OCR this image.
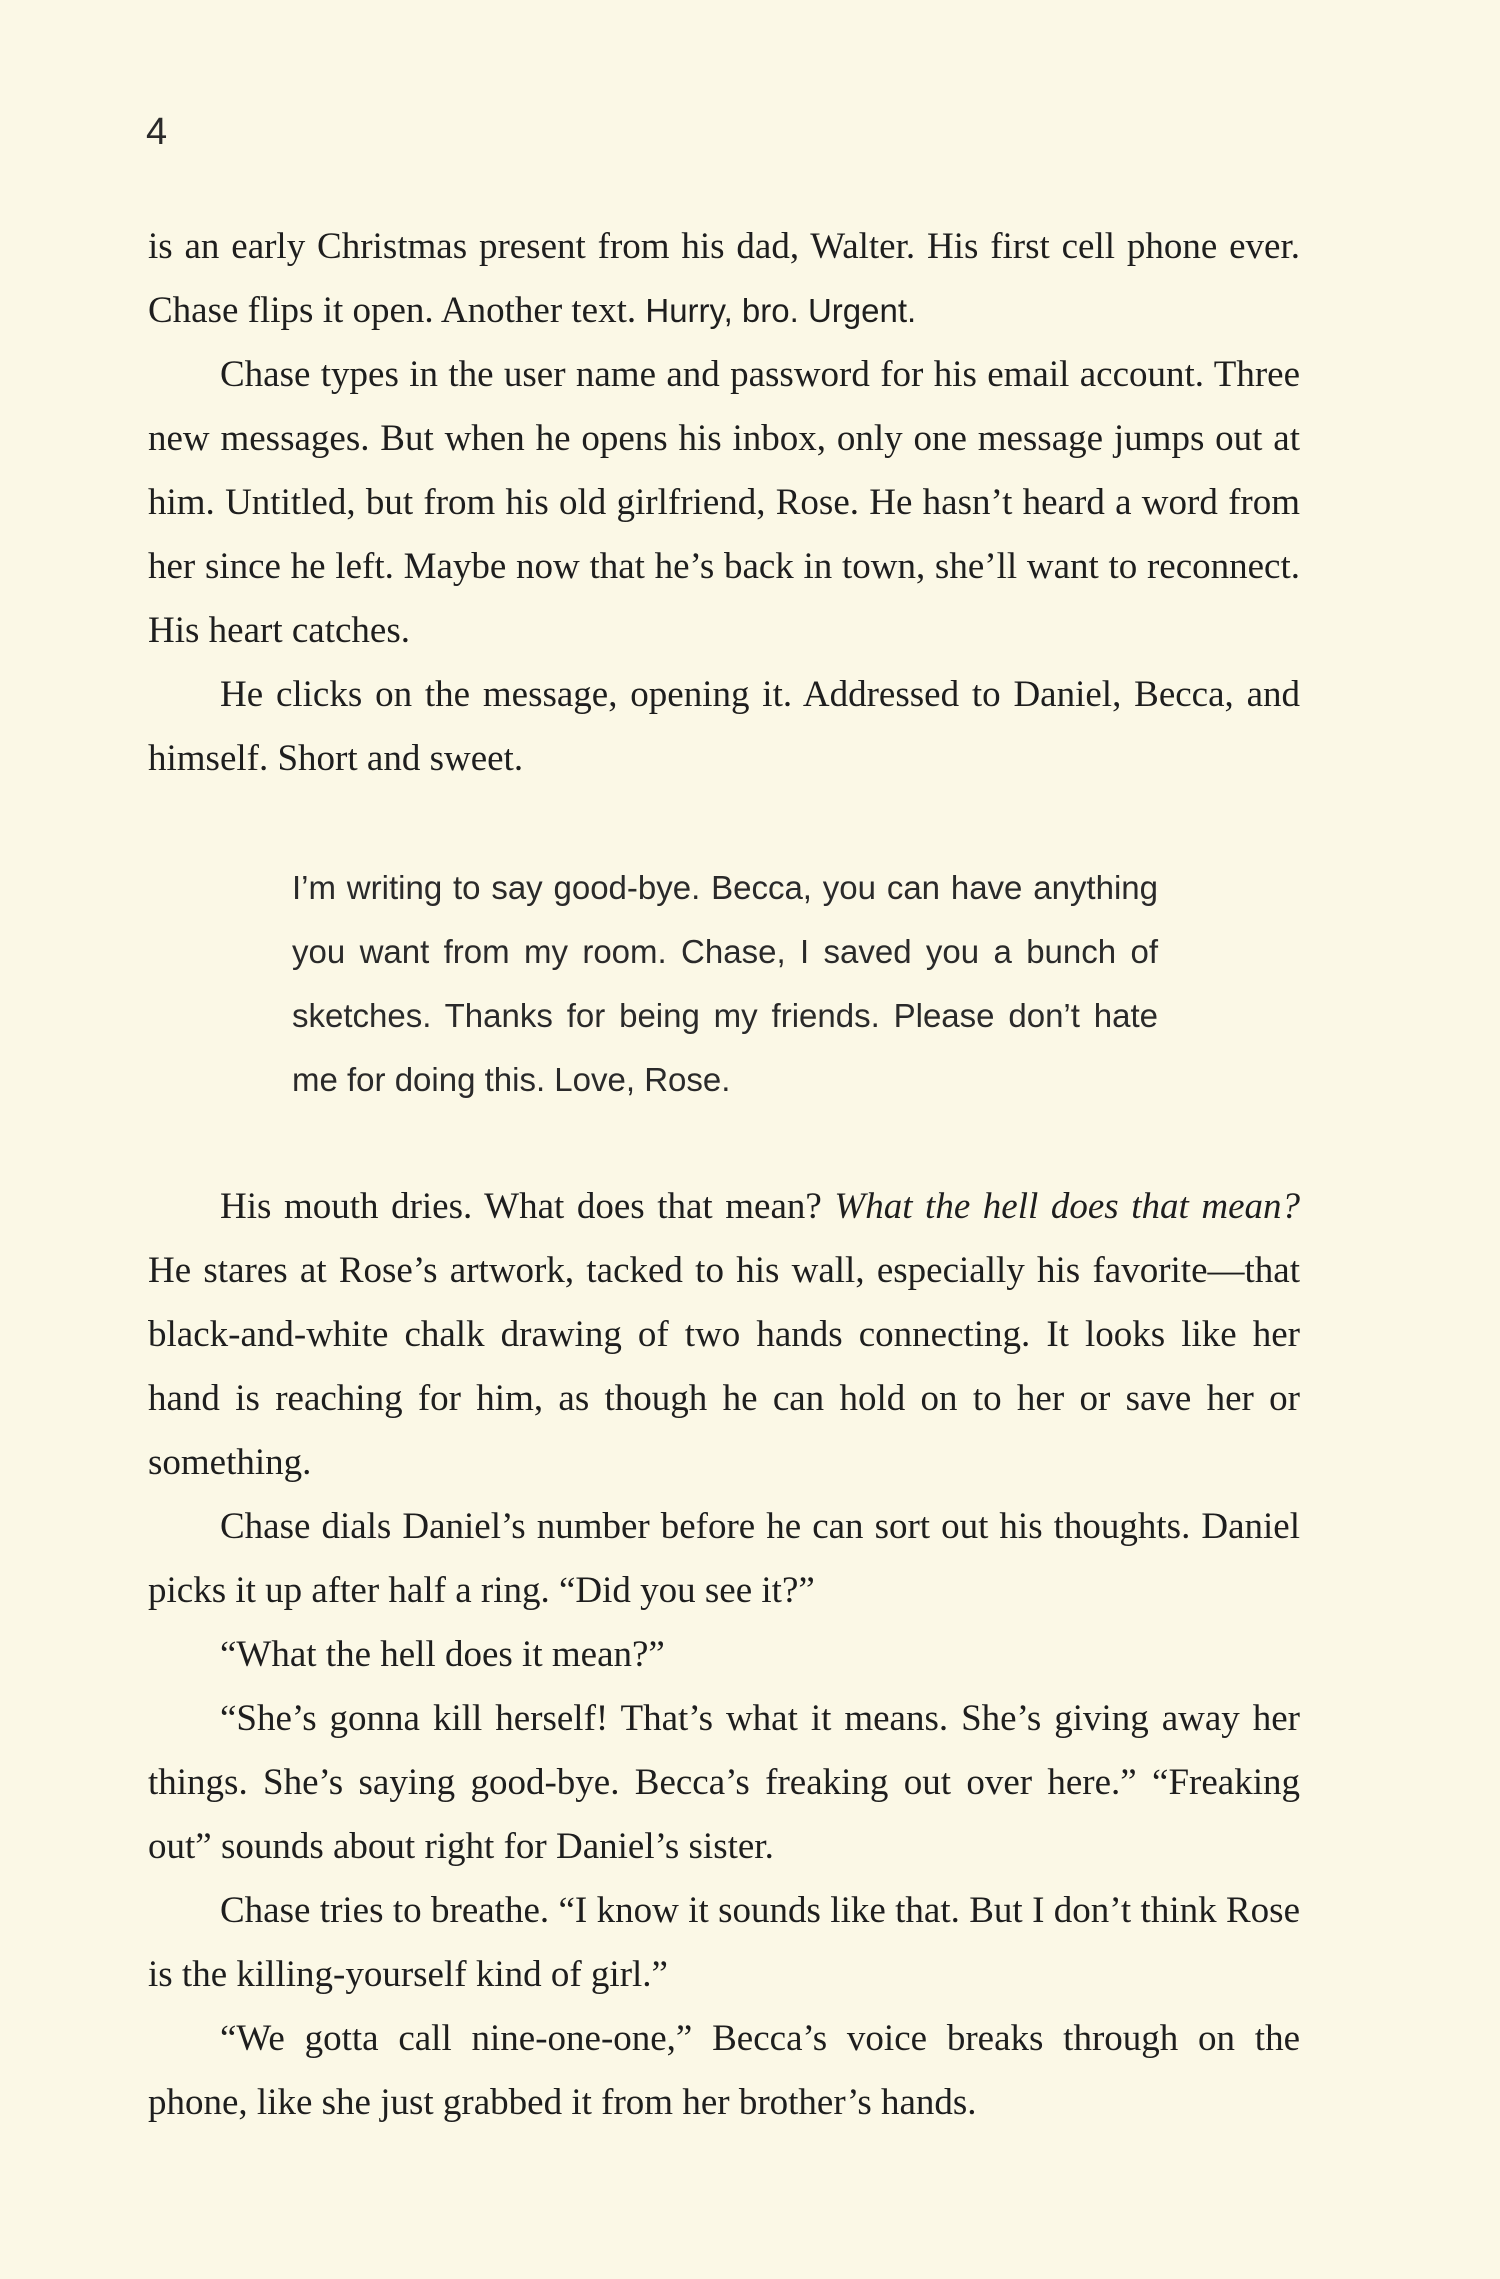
4

is an early Christmas present from his dad, Walter. His first cell phone ever. Chase flips it open. Another text. Hurry, bro. Urgent.

Chase types in the user name and password for his email account. Three new messages. But when he opens his inbox, only one message jumps out at him. Untitled, but from his old girlfriend, Rose. He hasn’t heard a word from her since he left. Maybe now that he’s back in town, she’ll want to reconnect. His heart catches.

He clicks on the message, opening it. Addressed to Daniel, Becca, and himself. Short and sweet.

I’m writing to say good-bye. Becca, you can have anything you want from my room. Chase, I saved you a bunch of sketches. Thanks for being my friends. Please don’t hate me for doing this. Love, Rose.

His mouth dries. What does that mean? What the hell does that mean? He stares at Rose’s artwork, tacked to his wall, especially his favorite—that black-and-white chalk drawing of two hands connecting. It looks like her hand is reaching for him, as though he can hold on to her or save her or something.

Chase dials Daniel’s number before he can sort out his thoughts. Daniel picks it up after half a ring. “Did you see it?”

“What the hell does it mean?”

“She’s gonna kill herself! That’s what it means. She’s giving away her things. She’s saying good-bye. Becca’s freaking out over here.” “Freaking out” sounds about right for Daniel’s sister.

Chase tries to breathe. “I know it sounds like that. But I don’t think Rose is the killing-yourself kind of girl.”

“We gotta call nine-one-one,” Becca’s voice breaks through on the phone, like she just grabbed it from her brother’s hands.
